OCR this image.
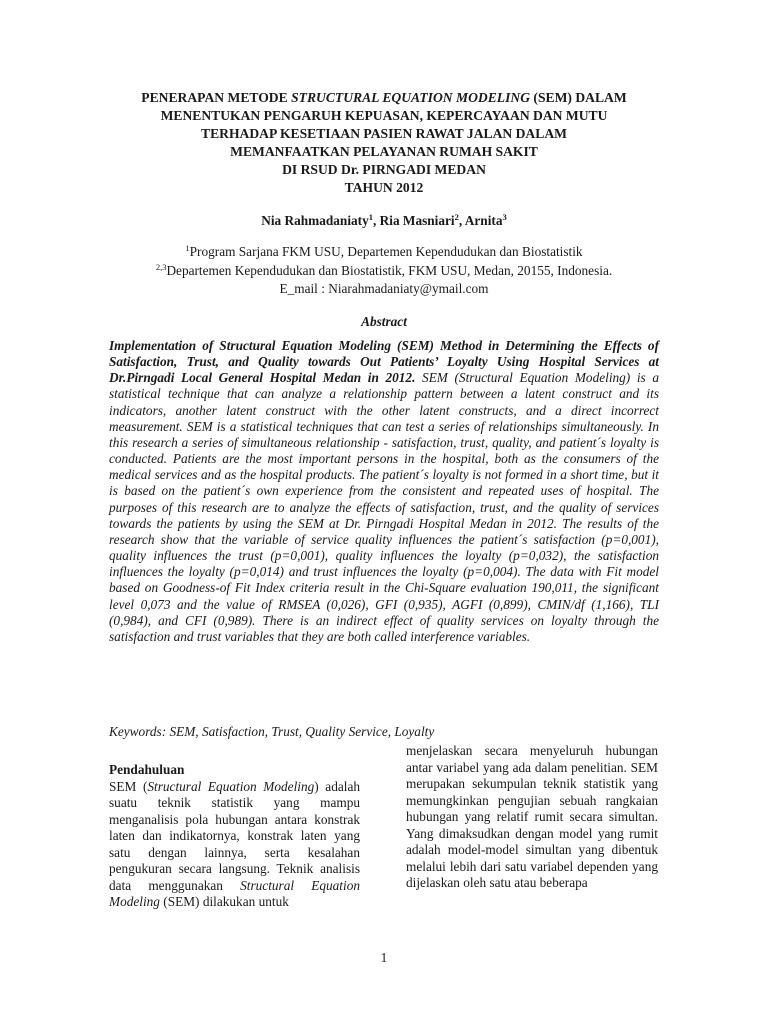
PENERAPAN METODE STRUCTURAL EQUATION MODELING (SEM) DALAM
MENENTUKAN PENGARUH KEPUASAN, KEPERCAYAAN DAN MUTU
TERHADAP KESETIAAN PASIEN RAWAT JALAN DALAM
MEMANFAATKAN PELAYANAN RUMAH SAKIT
DI RSUD Dr. PIRNGADI MEDAN
TAHUN 2012
Nia Rahmadaniaty$^1$, Ria Masniari$^2$, Arnita$^3$
$^1$Program Sarjana FKM USU, Departemen Kependudukan dan Biostatistik
$^{2,3}$Departemen Kependudukan dan Biostatistik, FKM USU, Medan, 20155, Indonesia.
E_mail : Niarahmadaniaty@ymail.com
Abstract
Implementation of Structural Equation Modeling (SEM) Method in Determining the Effects of Satisfaction, Trust, and Quality towards Out Patients’ Loyalty Using Hospital Services at Dr.Pirngadi Local General Hospital Medan in 2012. SEM (Structural Equation Modeling) is a statistical technique that can analyze a relationship pattern between a latent construct and its indicators, another latent construct with the other latent constructs, and a direct incorrect measurement. SEM is a statistical techniques that can test a series of relationships simultaneously. In this research a series of simultaneous relationship - satisfaction, trust, quality, and patient´s loyalty is conducted. Patients are the most important persons in the hospital, both as the consumers of the medical services and as the hospital products. The patient´s loyalty is not formed in a short time, but it is based on the patient´s own experience from the consistent and repeated uses of hospital. The purposes of this research are to analyze the effects of satisfaction, trust, and the quality of services towards the patients by using the SEM at Dr. Pirngadi Hospital Medan in 2012. The results of the research show that the variable of service quality influences the patient´s satisfaction (p=0,001), quality influences the trust (p=0,001), quality influences the loyalty (p=0,032), the satisfaction influences the loyalty (p=0,014) and trust influences the loyalty (p=0,004). The data with Fit model based on Goodness-of Fit Index criteria result in the Chi-Square evaluation 190,011, the significant level 0,073 and the value of RMSEA (0,026), GFI (0,935), AGFI (0,899), CMIN/df (1,166), TLI (0,984), and CFI (0,989). There is an indirect effect of quality services on loyalty through the satisfaction and trust variables that they are both called interference variables.
Keywords: SEM, Satisfaction, Trust, Quality Service, Loyalty
Pendahuluan
SEM (Structural Equation Modeling) adalah suatu teknik statistik yang mampu menganalisis pola hubungan antara konstrak laten dan indikatornya, konstrak laten yang satu dengan lainnya, serta kesalahan pengukuran secara langsung. Teknik analisis data menggunakan Structural Equation Modeling (SEM) dilakukan untuk
menjelaskan secara menyeluruh hubungan antar variabel yang ada dalam penelitian. SEM merupakan sekumpulan teknik statistik yang memungkinkan pengujian sebuah rangkaian hubungan yang relatif rumit secara simultan. Yang dimaksudkan dengan model yang rumit adalah model-model simultan yang dibentuk melalui lebih dari satu variabel dependen yang dijelaskan oleh satu atau beberapa
1
